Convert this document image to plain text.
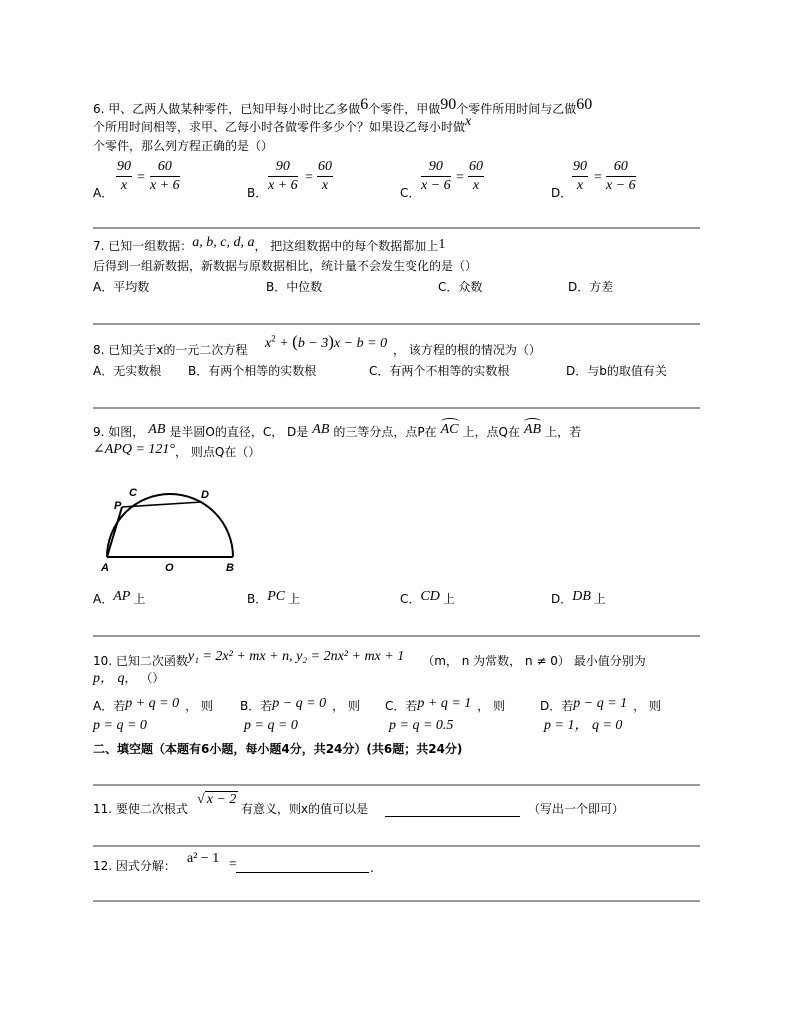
6. 甲、乙两人做某种零件，已知甲每小时比乙多做6个零件，甲做90个零件所用时间与乙做60
个所用时间相等，求甲、乙每小时各做零件多少个？如果设乙每小时做x
个零件，那么列方程正确的是（）
A． $\frac{90}{x} = \frac{60}{x + 6}$	B． $\frac{90}{x + 6} = \frac{60}{x}$	C． $\frac{90}{x - 6} = \frac{60}{x}$	D． $\frac{90}{x} = \frac{60}{x - 6}$
7. 已知一组数据：a, b, c, d, a， 把这组数据中的每个数据都加上1
后得到一组新数据，新数据与原数据相比，统计量不会发生变化的是（）
A．平均数	B．中位数	C．众数	D．方差
8. 已知关于x的一元二次方程 $x^2 + (b - 3)x - b = 0$ ， 该方程的根的情况为（）
A．无实数根 B．有两个相等的实数根	C．有两个不相等的实数根	D．与b的取值有关
9. 如图， AB 是半圆O的直径，C， D是 AB 的三等分点，点P在 AC 上，点Q在 AB 上，若
∠APQ = 121°， 则点Q在（）
P
C	D
A	O	B
A．AP 上	B．PC 上	C．CD 上	D．DB 上
10. 已知二次函数y₁ = 2x² + mx + n, y₂ = 2nx² + mx + 1 （m， n 为常数， n ≠ 0） 最小值分别为
p， q， （）
A．若p + q = 0 ， 则
p = q = 0
B．若p − q = 0 ， 则
p = q = 0
C．若p + q = 1 ， 则
p = q = 0.5
D．若p − q = 1 ， 则
p = 1， q = 0
二、填空题（本题有6小题，每小题4分，共24分）(共6题；共24分)
11. 要使二次根式
√ x − 2
有意义，则x的值可以是	（写出一个即可）
12. 因式分解： a² − 1 =	.
